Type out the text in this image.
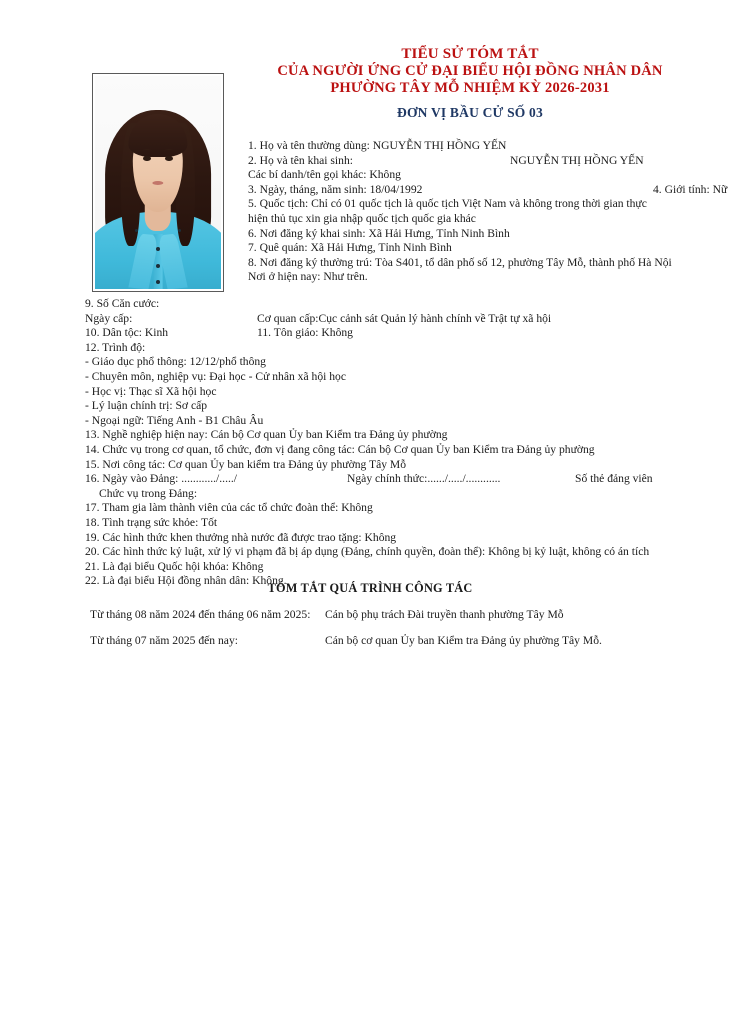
TIỂU SỬ TÓM TẮT
CỦA NGƯỜI ỨNG CỬ ĐẠI BIỂU HỘI ĐỒNG NHÂN DÂN
PHƯỜNG TÂY MỖ NHIỆM KỲ 2026-2031
ĐƠN VỊ BẦU CỬ SỐ 03
1. Họ và tên thường dùng: NGUYỄN THỊ HỒNG YẾN
2. Họ và tên khai sinh:	NGUYỄN THỊ HỒNG YẾN
Các bí danh/tên gọi khác: Không
3. Ngày, tháng, năm sinh: 18/04/1992	4. Giới tính: Nữ
5. Quốc tịch: Chỉ có 01 quốc tịch là quốc tịch Việt Nam và không trong thời gian thực
hiện thủ tục xin gia nhập quốc tịch quốc gia khác
6. Nơi đăng ký khai sinh: Xã Hải Hưng, Tỉnh Ninh Bình
7. Quê quán: Xã Hải Hưng, Tỉnh Ninh Bình
8. Nơi đăng ký thường trú: Tòa S401, tổ dân phố số 12, phường Tây Mỗ, thành phố Hà Nội
Nơi ở hiện nay: Như trên.
9. Số Căn cước:
Ngày cấp:	Cơ quan cấp:Cục cảnh sát Quản lý hành chính về Trật tự xã hội
10. Dân tộc: Kinh	11. Tôn giáo: Không
12. Trình độ:
- Giáo dục phổ thông: 12/12/phổ thông
- Chuyên môn, nghiệp vụ: Đại học - Cử nhân xã hội học
- Học vị: Thạc sĩ Xã hội học
- Lý luận chính trị: Sơ cấp
- Ngoại ngữ: Tiếng Anh - B1 Châu Âu
13. Nghề nghiệp hiện nay: Cán bộ Cơ quan Ủy ban Kiểm tra Đảng ủy phường
14. Chức vụ trong cơ quan, tổ chức, đơn vị đang công tác: Cán bộ Cơ quan Ủy ban Kiểm tra Đảng ủy phường
15. Nơi công tác: Cơ quan Ủy ban kiểm tra Đảng ủy phường Tây Mỗ
16. Ngày vào Đảng: ............/...../	Ngày chính thức:....../...../............	Số thẻ đảng viên
Chức vụ trong Đảng:
17. Tham gia làm thành viên của các tổ chức đoàn thể: Không
18. Tình trạng sức khỏe: Tốt
19. Các hình thức khen thưởng nhà nước đã được trao tặng: Không
20. Các hình thức kỷ luật, xử lý vi phạm đã bị áp dụng (Đảng, chính quyền, đoàn thể): Không bị kỷ luật, không có án tích
21. Là đại biểu Quốc hội khóa: Không
22. Là đại biểu Hội đồng nhân dân: Không.
TÓM TẮT QUÁ TRÌNH CÔNG TÁC
Từ tháng 08 năm 2024 đến tháng 06 năm 2025: Cán bộ phụ trách Đài truyền thanh phường Tây Mỗ
Từ tháng 07 năm 2025 đến nay:	Cán bộ cơ quan Ủy ban Kiểm tra Đảng ủy phường Tây Mỗ.
